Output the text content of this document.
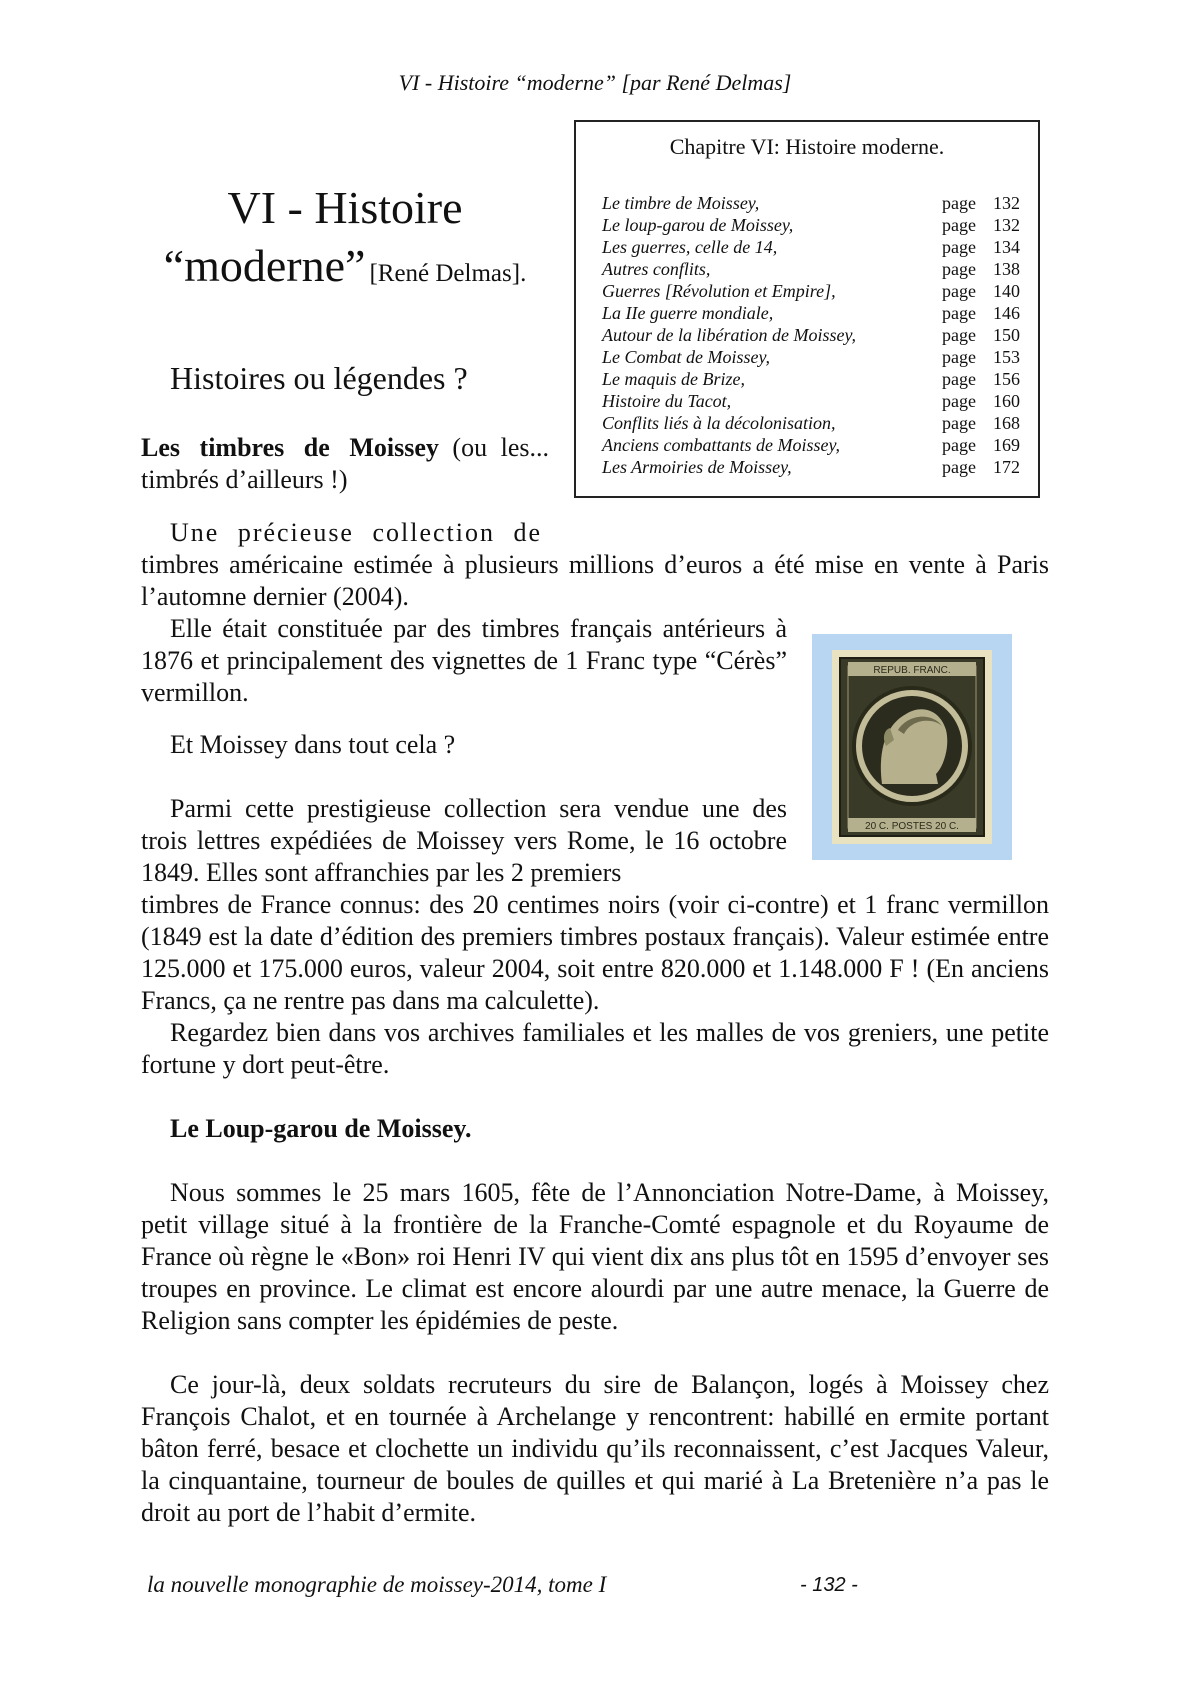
VI - Histoire “moderne” [par René Delmas]
VI - Histoire
“moderne” [René Delmas].
Histoires ou légendes ?
Les timbres de Moissey (ou les... timbrés d’ailleurs !)
Chapitre VI: Histoire moderne.
Le timbre de Moissey,	page 132
Le loup-garou de Moissey,	page 132
Les guerres, celle de 14,	page 134
Autres conflits,	page 138
Guerres [Révolution et Empire],	page 140
La IIe guerre mondiale,	page 146
Autour de la libération de Moissey,	page 150
Le Combat de Moissey,	page 153
Le maquis de Brize,	page 156
Histoire du Tacot,	page 160
Conflits liés à la décolonisation,	page 168
Anciens combattants de Moissey,	page 169
Les Armoiries de Moissey,	page 172
Une précieuse collection de
timbres américaine estimée à plusieurs millions d’euros a été mise en vente à Paris l’automne dernier (2004).
Elle était constituée par des timbres français antérieurs à 1876 et principalement des vignettes de 1 Franc type “Cérès” vermillon.
Et Moissey dans tout cela ?
Parmi cette prestigieuse collection sera vendue une des trois lettres expédiées de Moissey vers Rome, le 16 octobre 1849. Elles sont affranchies par les 2 premiers
timbres de France connus: des 20 centimes noirs (voir ci-contre) et 1 franc vermillon (1849 est la date d’édition des premiers timbres postaux français). Valeur estimée entre 125.000 et 175.000 euros, valeur 2004, soit entre 820.000 et 1.148.000 F ! (En anciens Francs, ça ne rentre pas dans ma calculette).
Regardez bien dans vos archives familiales et les malles de vos greniers, une petite fortune y dort peut-être.
Le Loup-garou de Moissey.
Nous sommes le 25 mars 1605, fête de l’Annonciation Notre-Dame, à Moissey, petit village situé à la frontière de la Franche-Comté espagnole et du Royaume de France où règne le «Bon» roi Henri IV qui vient dix ans plus tôt en 1595 d’envoyer ses troupes en province. Le climat est encore alourdi par une autre menace, la Guerre de Religion sans compter les épidémies de peste.
Ce jour-là, deux soldats recruteurs du sire de Balançon, logés à Moissey chez François Chalot, et en tournée à Archelange y rencontrent: habillé en ermite portant bâton ferré, besace et clochette un individu qu’ils reconnaissent, c’est Jacques Valeur, la cinquantaine, tourneur de boules de quilles et qui marié à La Bretenière n’a pas le droit au port de l’habit d’ermite.
REPUB. FRANC.
20 C. POSTES 20 C.
la nouvelle monographie de moissey-2014, tome I	- 132 -
